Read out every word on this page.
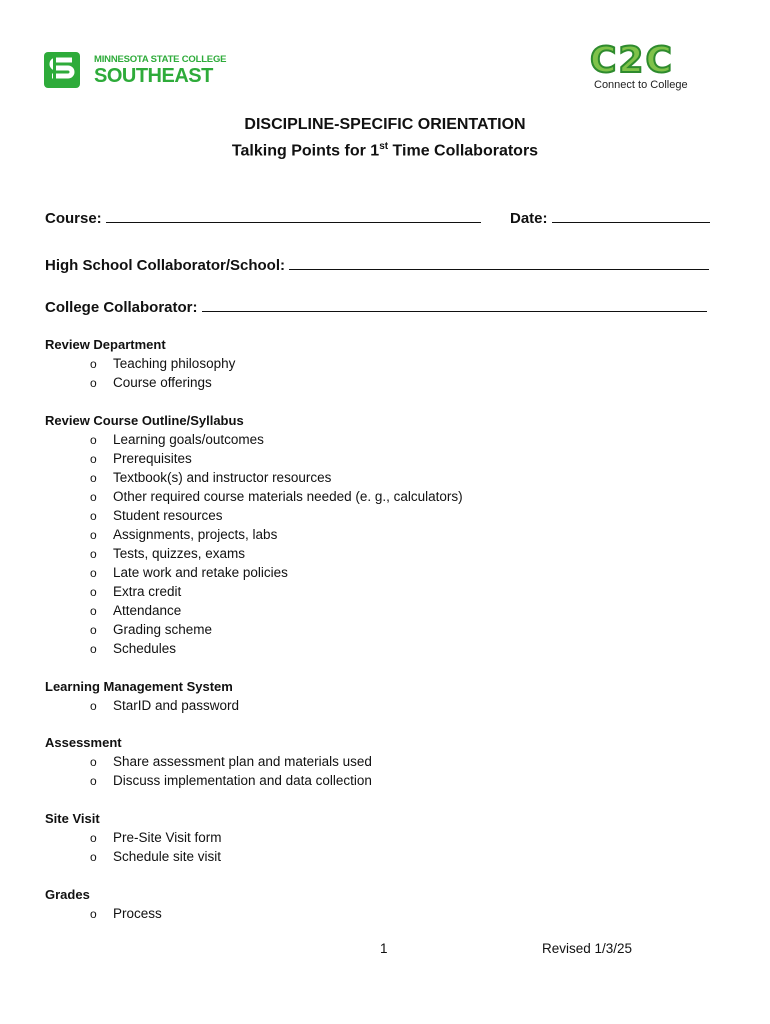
MINNESOTA STATE COLLEGE
SOUTHEAST	C2C
Connect to College
DISCIPLINE-SPECIFIC ORIENTATION
Talking Points for 1st Time Collaborators
Course:	Date:
High School Collaborator/School:
College Collaborator:
Review Department
o Teaching philosophy
o Course offerings
Review Course Outline/Syllabus
o Learning goals/outcomes
o Prerequisites
o Textbook(s) and instructor resources
o Other required course materials needed (e. g., calculators)
o Student resources
o Assignments, projects, labs
o Tests, quizzes, exams
o Late work and retake policies
o Extra credit
o Attendance
o Grading scheme
o Schedules
Learning Management System
o StarID and password
Assessment
o Share assessment plan and materials used
o Discuss implementation and data collection
Site Visit
o Pre-Site Visit form
o Schedule site visit
Grades
o Process
1	Revised 1/3/25
